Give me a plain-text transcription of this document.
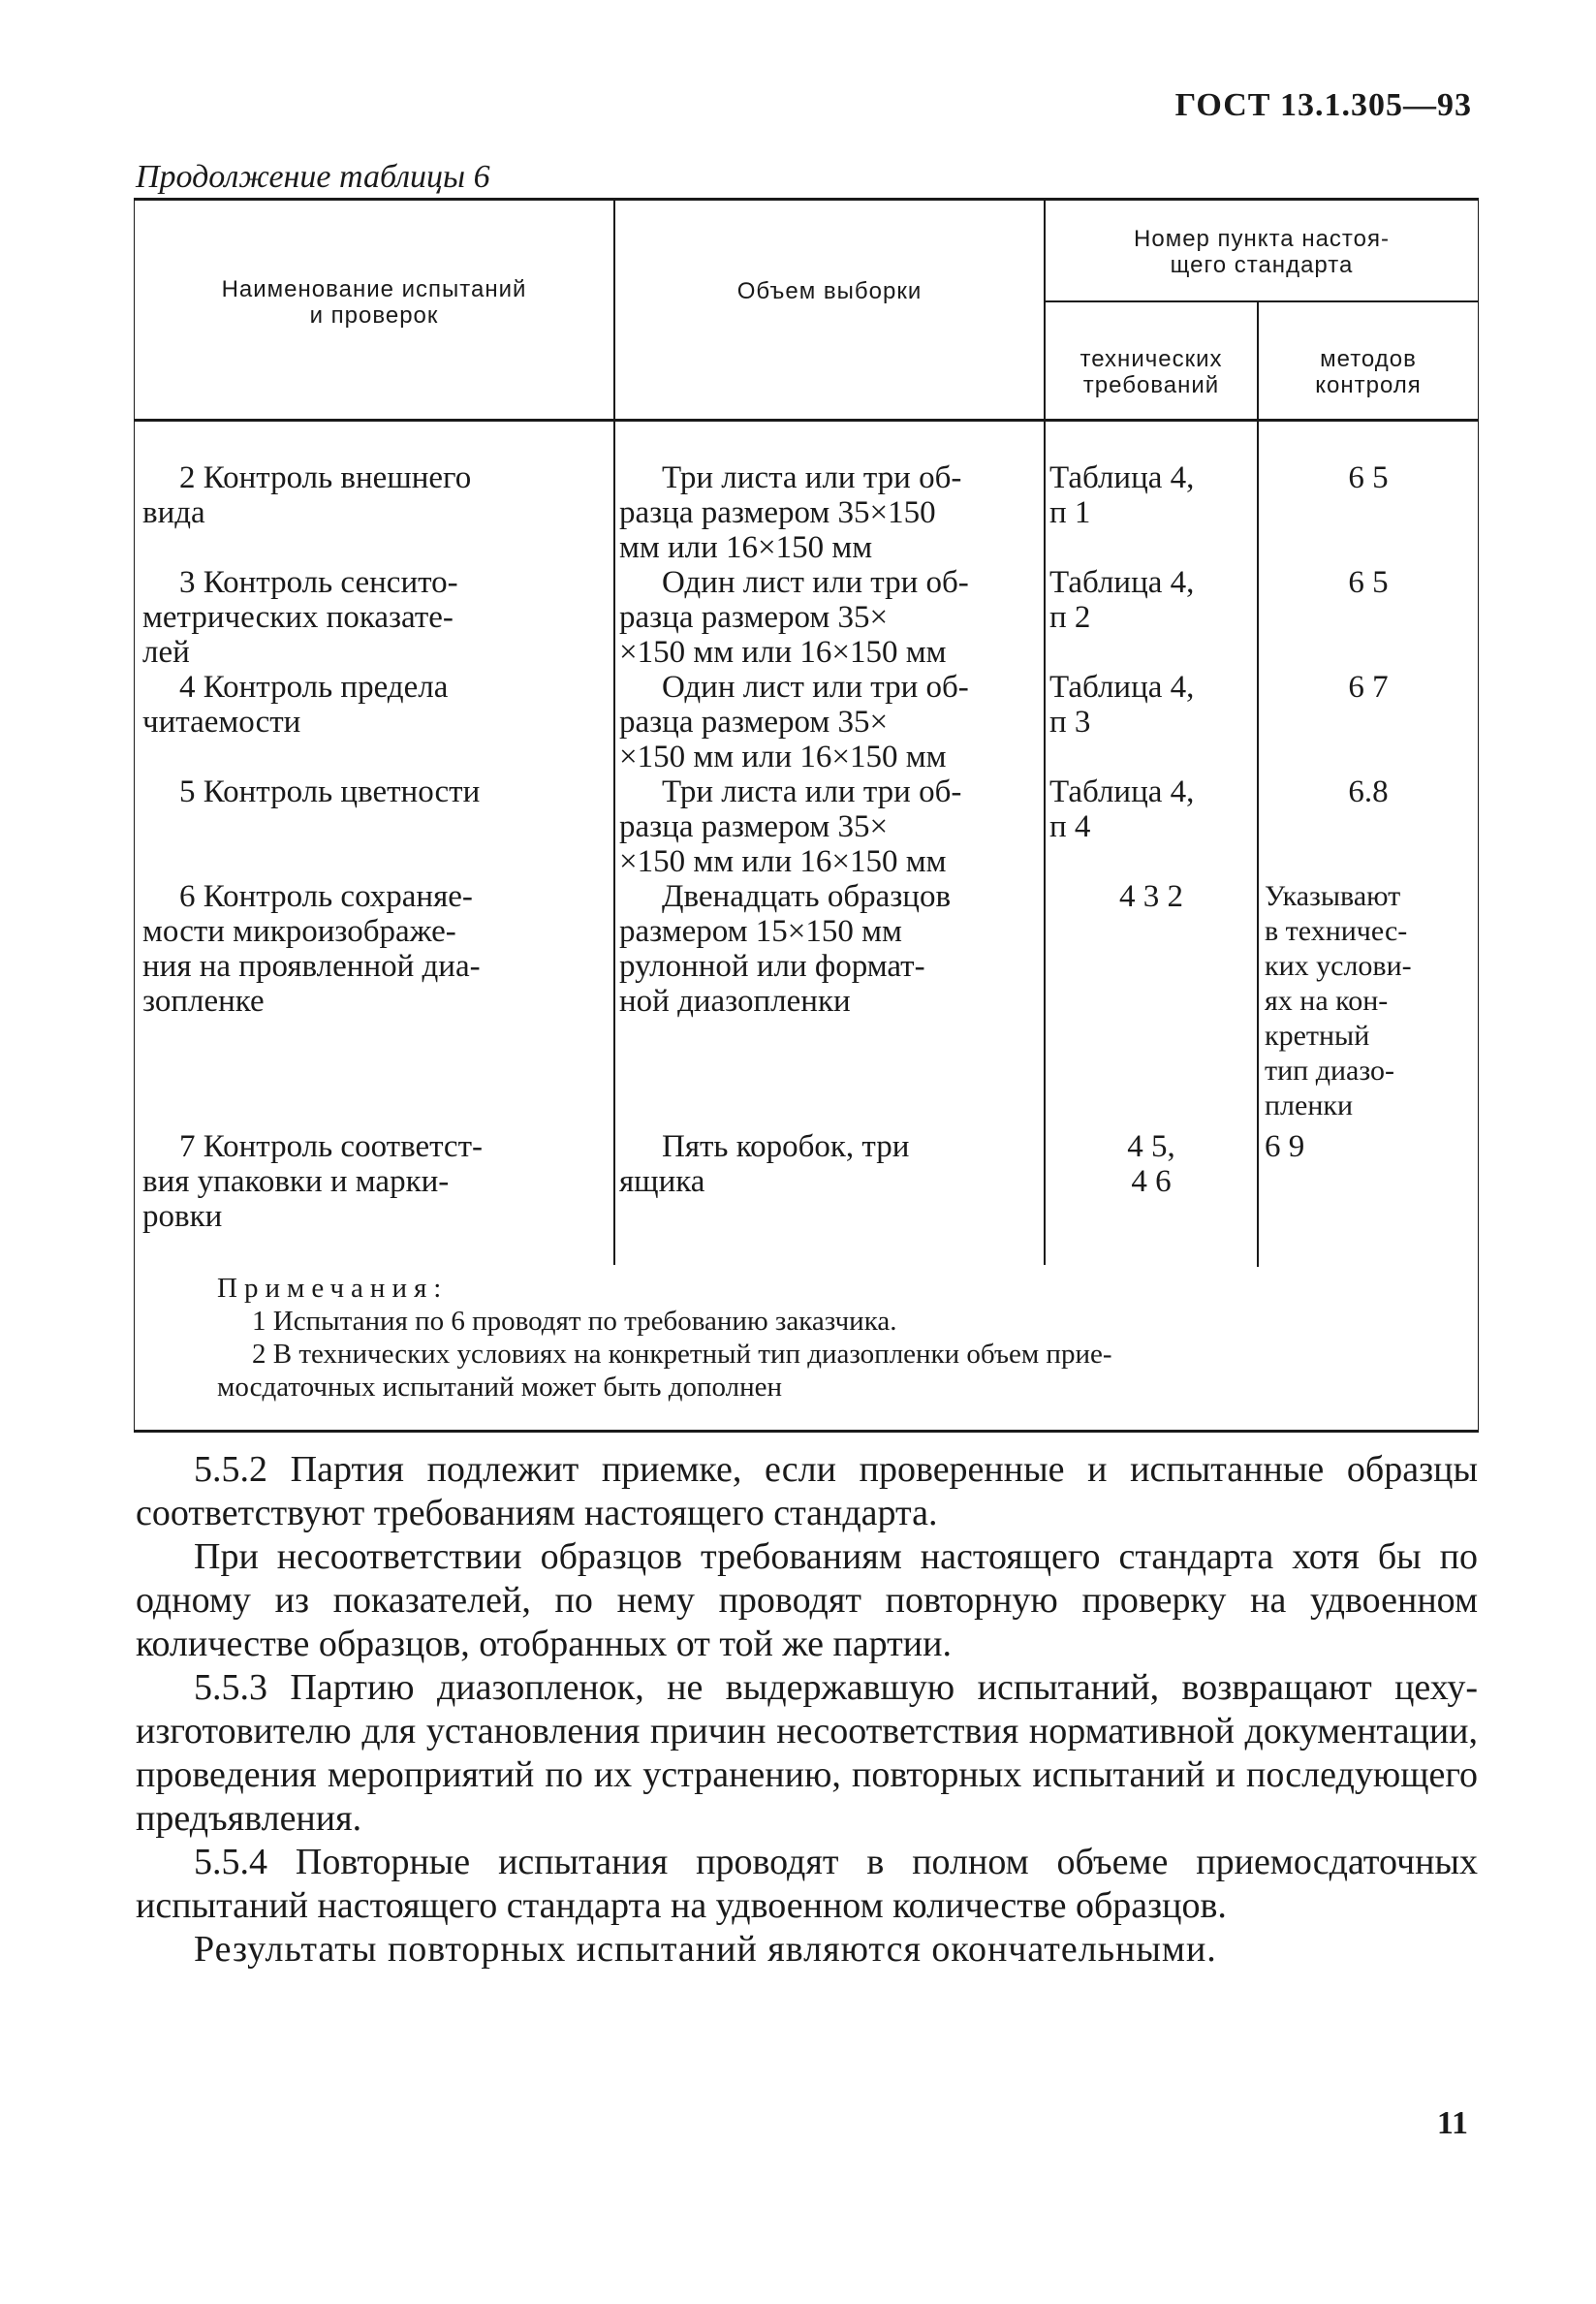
ГОСТ 13.1.305—93
Продолжение таблицы 6
Наименование испытаний
и проверок
Объем выборки
Номер пункта настоя-
щего стандарта
технических
требований
методов
контроля
2 Контроль внешнего
вида
Три листа или три об-
разца размером 35×150
мм или 16×150 мм
Таблица 4,
п 1
6 5
3 Контроль сенсито-
метрических показате-
лей
Один лист или три об-
разца размером 35×
×150 мм или 16×150 мм
Таблица 4,
п 2
6 5
4 Контроль предела
читаемости
Один лист или три об-
разца размером 35×
×150 мм или 16×150 мм
Таблица 4,
п 3
6 7
5 Контроль цветности	Три листа или три об-
разца размером 35×
×150 мм или 16×150 мм
Таблица 4,
п 4
6.8
6 Контроль сохраняе-
мости микроизображе-
ния на проявленной диа-
зопленке
Двенадцать образцов
размером 15×150 мм
рулонной или формат-
ной диазопленки
4 3 2	Указывают
в техничес-
ких услови-
ях на кон-
кретный
тип диазо-
пленки
7 Контроль соответст-
вия упаковки и марки-
ровки
Пять коробок, три
ящика
4 5,
4 6
6 9
Примечания:
1 Испытания по 6 проводят по требованию заказчика.
2 В технических условиях на конкретный тип диазопленки объем прие-
мосдаточных испытаний может быть дополнен

5.5.2 Партия подлежит приемке, если проверенные и испытанные образцы соответствуют требованиям настоящего стандарта.

При несоответствии образцов требованиям настоящего стандарта хотя бы по одному из показателей, по нему проводят повторную проверку на удвоенном количестве образцов, отобранных от той же партии.

5.5.3 Партию диазопленок, не выдержавшую испытаний, возвращают цеху-изготовителю для установления причин несоответствия нормативной документации, проведения мероприятий по их устранению, повторных испытаний и последующего предъявления.

5.5.4 Повторные испытания проводят в полном объеме приемосдаточных испытаний настоящего стандарта на удвоенном количестве образцов.

Результаты повторных испытаний являются окончательными.

11
